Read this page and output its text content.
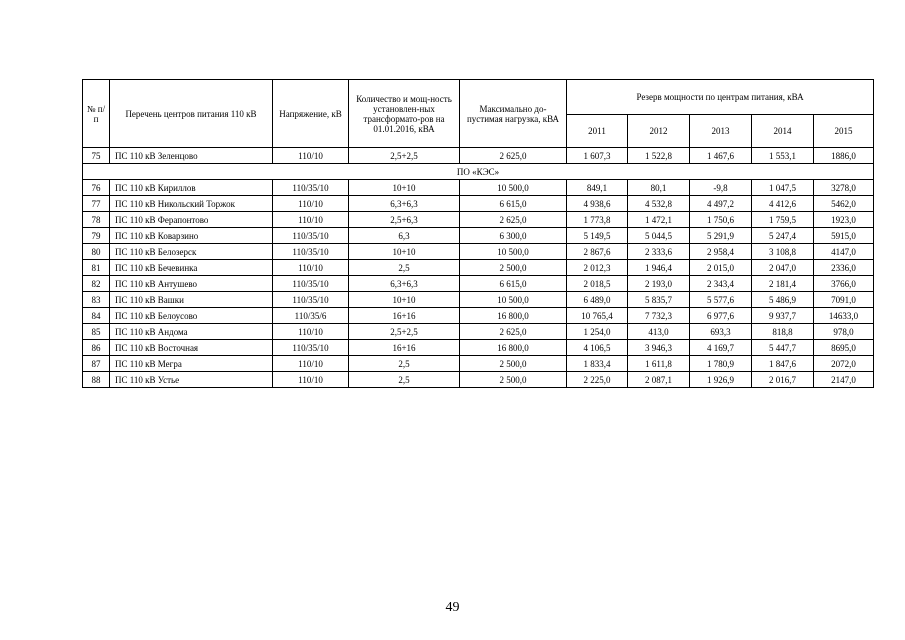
№ п/п	Перечень центров питания 110 кВ	Напряжение, кВ	Количество и мощ-ность установлен-ных трансформато-ров на 01.01.2016, кВА	Максимально до-пустимая нагрузка, кВА	Резерв мощности по центрам питания, кВА				
					2011	2012	2013	2014	2015
75	ПС 110 кВ Зеленцово	110/10	2,5+2,5	2 625,0	1 607,3	1 522,8	1 467,6	1 553,1	1886,0
ПО «КЭС»									
76	ПС 110 кВ Кириллов	110/35/10	10+10	10 500,0	849,1	80,1	-9,8	1 047,5	3278,0
77	ПС 110 кВ Никольский Торжок	110/10	6,3+6,3	6 615,0	4 938,6	4 532,8	4 497,2	4 412,6	5462,0
78	ПС 110 кВ Ферапонтово	110/10	2,5+6,3	2 625,0	1 773,8	1 472,1	1 750,6	1 759,5	1923,0
79	ПС 110 кВ Коварзино	110/35/10	6,3	6 300,0	5 149,5	5 044,5	5 291,9	5 247,4	5915,0
80	ПС 110 кВ Белозерск	110/35/10	10+10	10 500,0	2 867,6	2 333,6	2 958,4	3 108,8	4147,0
81	ПС 110 кВ Бечевинка	110/10	2,5	2 500,0	2 012,3	1 946,4	2 015,0	2 047,0	2336,0
82	ПС 110 кВ Антушево	110/35/10	6,3+6,3	6 615,0	2 018,5	2 193,0	2 343,4	2 181,4	3766,0
83	ПС 110 кВ Вашки	110/35/10	10+10	10 500,0	6 489,0	5 835,7	5 577,6	5 486,9	7091,0
84	ПС 110 кВ Белоусово	110/35/6	16+16	16 800,0	10 765,4	7 732,3	6 977,6	9 937,7	14633,0
85	ПС 110 кВ Андома	110/10	2,5+2,5	2 625,0	1 254,0	413,0	693,3	818,8	978,0
86	ПС 110 кВ Восточная	110/35/10	16+16	16 800,0	4 106,5	3 946,3	4 169,7	5 447,7	8695,0
87	ПС 110 кВ Мегра	110/10	2,5	2 500,0	1 833,4	1 611,8	1 780,9	1 847,6	2072,0
88	ПС 110 кВ Устье	110/10	2,5	2 500,0	2 225,0	2 087,1	1 926,9	2 016,7	2147,0
49
